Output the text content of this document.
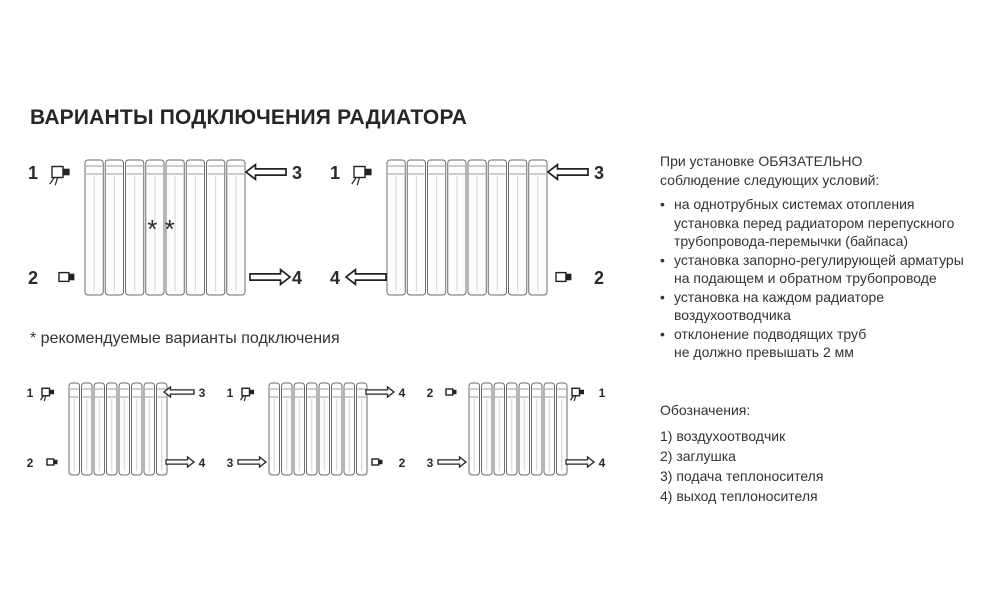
ВАРИАНТЫ ПОДКЛЮЧЕНИЯ РАДИАТОРА
1
2
3
4
* *
1
4
3
2
* рекомендуемые варианты подключения
1
2
3
4
1
3
4
2
2
3
1
4
При установке ОБЯЗАТЕЛЬНО
соблюдение следующих условий:
• на однотрубных системах отопления
установка перед радиатором перепускного
трубопровода-перемычки (байпаса)
• установка запорно-регулирующей арматуры
на подающем и обратном трубопроводе
• установка на каждом радиаторе
воздухоотводчика
• отклонение подводящих труб
не должно превышать 2 мм
Обозначения:
1) воздухоотводчик
2) заглушка
3) подача теплоносителя
4) выход теплоносителя
